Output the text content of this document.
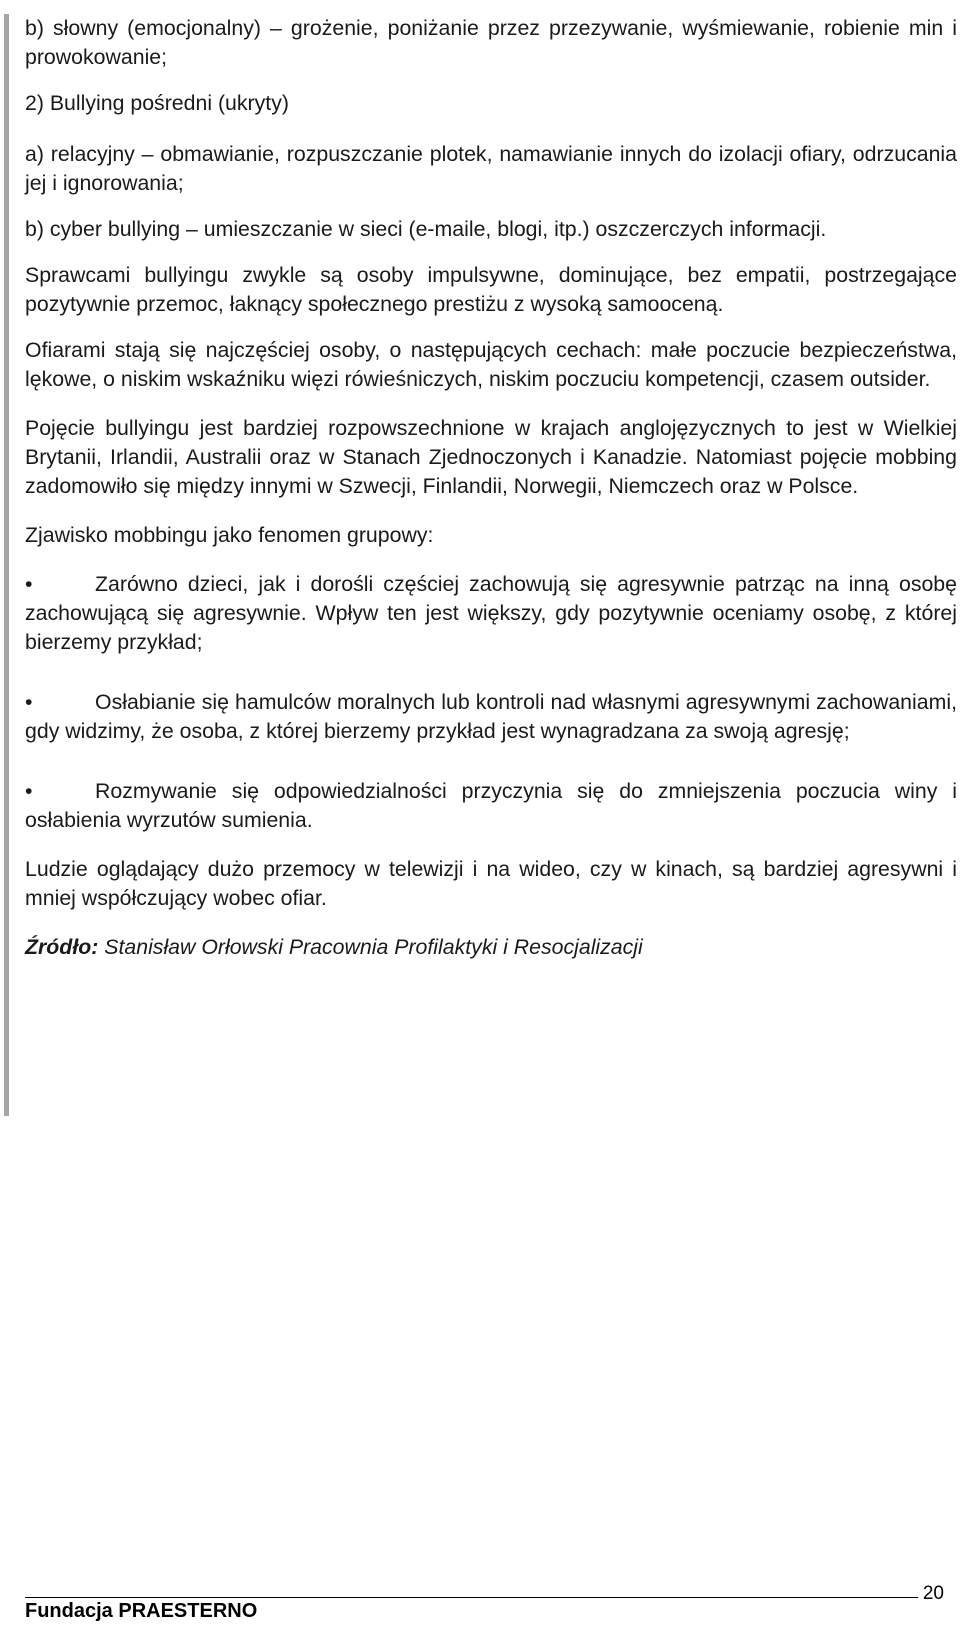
b) słowny (emocjonalny) – grożenie, poniżanie przez przezywanie, wyśmiewanie, robienie min i prowokowanie;

2) Bullying pośredni (ukryty)

a) relacyjny – obmawianie, rozpuszczanie plotek, namawianie innych do izolacji ofiary, odrzucania jej i ignorowania;

b) cyber bullying – umieszczanie w sieci (e-maile, blogi, itp.) oszczerczych informacji.

Sprawcami bullyingu zwykle są osoby impulsywne, dominujące, bez empatii, postrzegające pozytywnie przemoc, łaknący społecznego prestiżu z wysoką samooceną.

Ofiarami stają się najczęściej osoby, o następujących cechach: małe poczucie bezpieczeństwa, lękowe, o niskim wskaźniku więzi rówieśniczych, niskim poczuciu kompetencji, czasem outsider.

Pojęcie bullyingu jest bardziej rozpowszechnione w krajach anglojęzycznych to jest w Wielkiej Brytanii, Irlandii, Australii oraz w Stanach Zjednoczonych i Kanadzie. Natomiast pojęcie mobbing zadomowiło się między innymi w Szwecji, Finlandii, Norwegii, Niemczech oraz w Polsce.

Zjawisko mobbingu jako fenomen grupowy:

•	Zarówno dzieci, jak i dorośli częściej zachowują się agresywnie patrząc na inną osobę zachowującą się agresywnie. Wpływ ten jest większy, gdy pozytywnie oceniamy osobę, z której bierzemy przykład;

•	Osłabianie się hamulców moralnych lub kontroli nad własnymi agresywnymi zachowaniami, gdy widzimy, że osoba, z której bierzemy przykład jest wynagradzana za swoją agresję;

•	Rozmywanie się odpowiedzialności przyczynia się do zmniejszenia poczucia winy i osłabienia wyrzutów sumienia.

Ludzie oglądający dużo przemocy w telewizji i na wideo, czy w kinach, są bardziej agresywni i mniej współczujący wobec ofiar.

Źródło: Stanisław Orłowski Pracownia Profilaktyki i Resocjalizacji

Fundacja PRAESTERNO
20
